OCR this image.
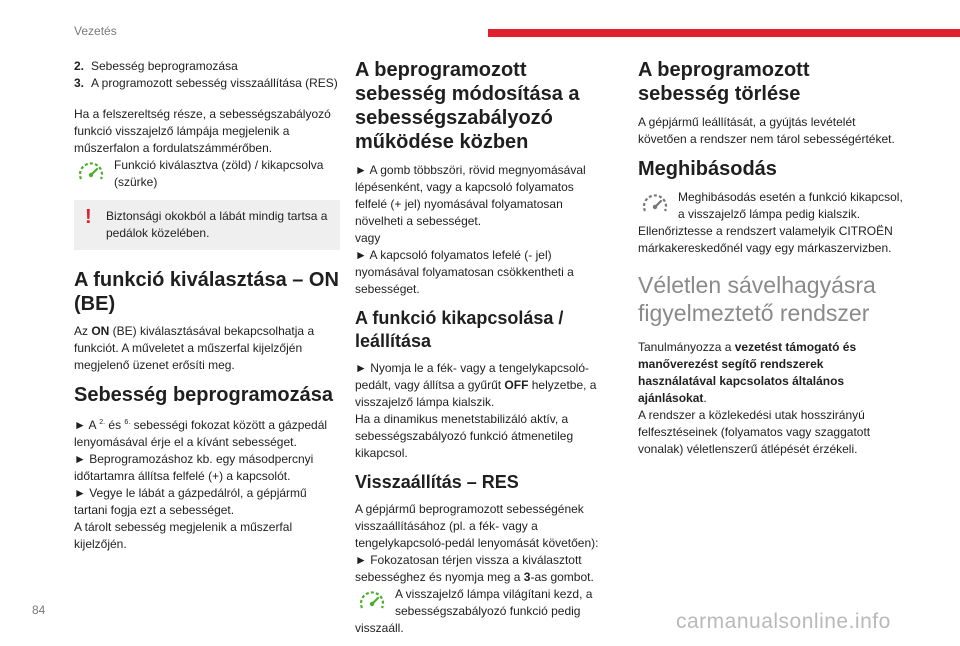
Vezetés
2. Sebesség beprogramozása
3. A programozott sebesség visszaállítása (RES)

Ha a felszereltség része, a sebességszabályozó funkció visszajelző lámpája megjelenik a műszerfalon a fordulatszámmérőben.

Funkció kiválasztva (zöld) / kikapcsolva (szürke)
! Biztonsági okokból a lábát mindig tartsa a pedálok közelében.
A funkció kiválasztása – ON (BE)

Az ON (BE) kiválasztásával bekapcsolhatja a funkciót. A műveletet a műszerfal kijelzőjén megjelenő üzenet erősíti meg.

Sebesség beprogramozása

► A $^{2.}$ és $^{6.}$ sebességi fokozat között a gázpedál lenyomásával érje el a kívánt sebességet.

► Beprogramozáshoz kb. egy másodpercnyi időtartamra állítsa felfelé (+) a kapcsolót.

► Vegye le lábát a gázpedálról, a gépjármű tartani fogja ezt a sebességet.

A tárolt sebesség megjelenik a műszerfal kijelzőjén.

A beprogramozott sebesség módosítása a sebességszabályozó működése közben

► A gomb többszöri, rövid megnyomásával lépésenként, vagy a kapcsoló folyamatos felfelé (+ jel) nyomásával folyamatosan növelheti a sebességet.

vagy

► A kapcsoló folyamatos lefelé (- jel) nyomásával folyamatosan csökkentheti a sebességet.

A funkció kikapcsolása / leállítása

► Nyomja le a fék- vagy a tengelykapcsoló-pedált, vagy állítsa a gyűrűt OFF helyzetbe, a visszajelző lámpa kialszik.

Ha a dinamikus menetstabilizáló aktív, a sebességszabályozó funkció átmenetileg kikapcsol.

Visszaállítás – RES

A gépjármű beprogramozott sebességének visszaállításához (pl. a fék- vagy a tengelykapcsoló-pedál lenyomását követően):

► Fokozatosan térjen vissza a kiválasztott sebességhez és nyomja meg a 3-as gombot.

A visszajelző lámpa világítani kezd, a sebességszabályozó funkció pedig visszaáll.
A beprogramozott sebesség törlése

A gépjármű leállítását, a gyújtás levételét követően a rendszer nem tárol sebességértéket.

Meghibásodás
Meghibásodás esetén a funkció kikapcsol, a visszajelző lámpa pedig kialszik.

Ellenőriztesse a rendszert valamelyik CITROËN márkakereskedőnél vagy egy márkaszervizben.

Véletlen sávelhagyásra figyelmeztető rendszer

Tanulmányozza a vezetést támogató és manőverezést segítő rendszerek használatával kapcsolatos általános ajánlásokat.

A rendszer a közlekedési utak hosszirányú felfesztéseinek (folyamatos vagy szaggatott vonalak) véletlenszerű átlépését érzékeli.

84	carmanualsonline.info
